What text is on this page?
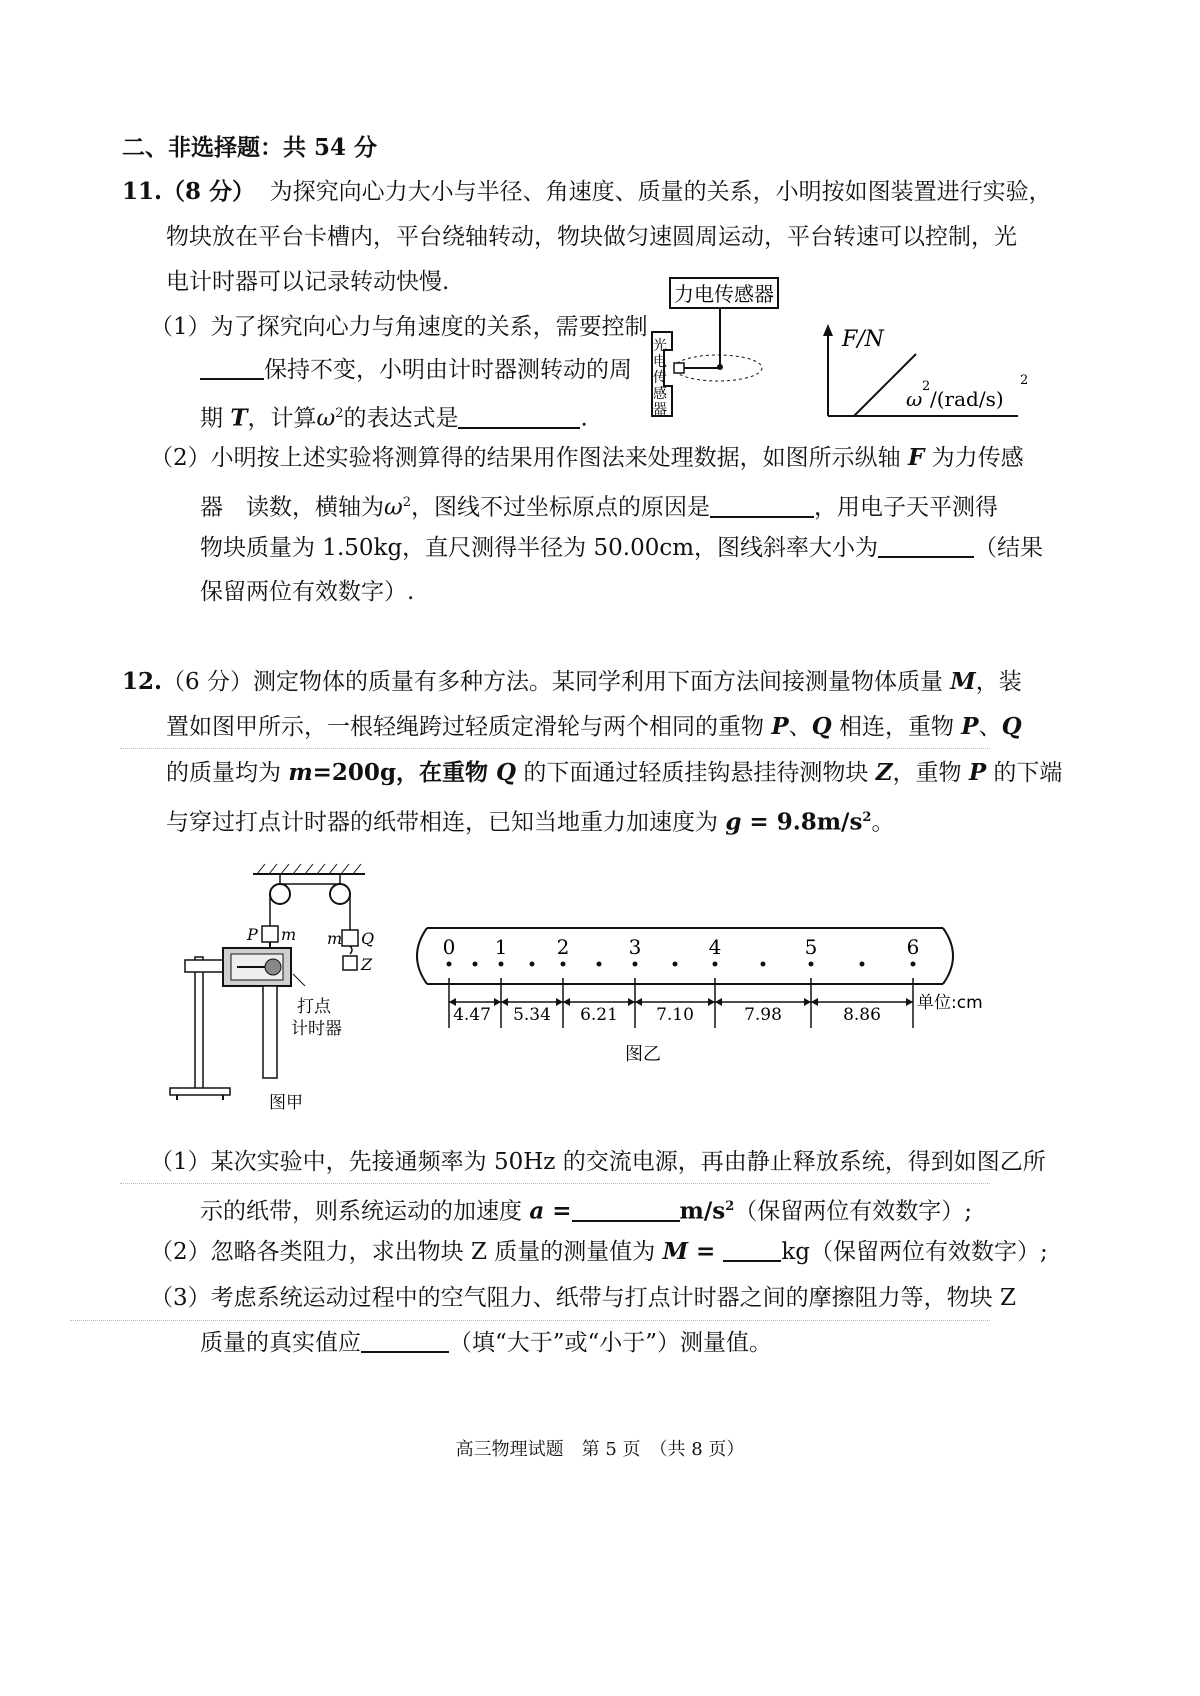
二、非选择题：共 54 分
11.（8 分） 为探究向心力大小与半径、角速度、质量的关系，小明按如图装置进行实验，
物块放在平台卡槽内，平台绕轴转动，物块做匀速圆周运动，平台转速可以控制，光
电计时器可以记录转动快慢.
（1）为了探究向心力与角速度的关系，需要控制
保持不变，小明由计时器测转动的周
期 T，计算$\omega^2$的表达式是	.
力电传感器
光
电
传
感
器
F/N
ω
2
/(rad/s)
2
（2）小明按上述实验将测算得的结果用作图法来处理数据，如图所示纵轴 F 为力传感
器　读数，横轴为$\omega^2$，图线不过坐标原点的原因是	，用电子天平测得
物块质量为 1.50kg，直尺测得半径为 50.00cm，图线斜率大小为	（结果
保留两位有效数字）.
12.（6 分）测定物体的质量有多种方法。某同学利用下面方法间接测量物体质量 M，装
置如图甲所示，一根轻绳跨过轻质定滑轮与两个相同的重物 P、Q 相连，重物 P、Q
的质量均为 m=200g，在重物 Q 的下面通过轻质挂钩悬挂待测物块 Z，重物 P 的下端
与穿过打点计时器的纸带相连，已知当地重力加速度为 $g = 9.8m/s^2$。
P m m Q
Z
打点
计时器
图甲
0 1 2	3	4	5	6
4.47 5.34 6.21 7.10	7.98	8.86
单位:cm
图乙
（1）某次实验中，先接通频率为 50Hz 的交流电源，再由静止释放系统，得到如图乙所
示的纸带，则系统运动的加速度 a =	$m/s^2$（保留两位有效数字）;
（2）忽略各类阻力，求出物块 Z 质量的测量值为 M =	kg（保留两位有效数字）;
（3）考虑系统运动过程中的空气阻力、纸带与打点计时器之间的摩擦阻力等，物块 Z
质量的真实值应	（填“大于”或“小于”）测量值。
高三物理试题　第 5 页　（共 8 页）
